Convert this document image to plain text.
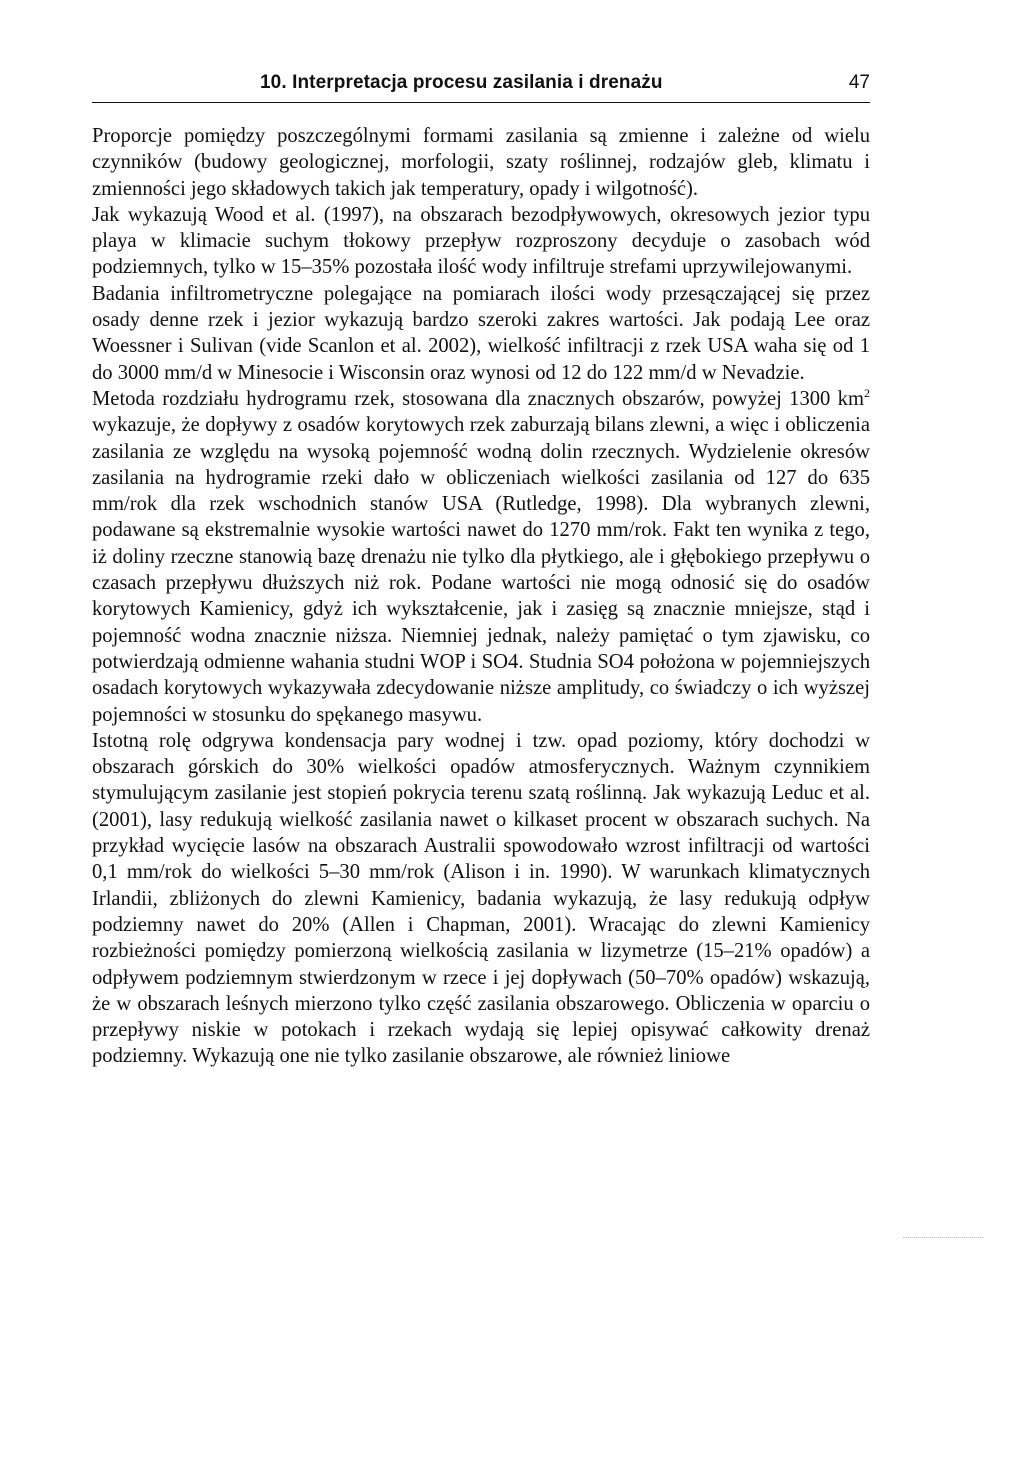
10. Interpretacja procesu zasilania i drenażu	47

Proporcje pomiędzy poszczególnymi formami zasilania są zmienne i zależne od wielu czynników (budowy geologicznej, morfologii, szaty roślinnej, rodzajów gleb, klimatu i zmienności jego składowych takich jak temperatury, opady i wilgotność).

Jak wykazują Wood et al. (1997), na obszarach bezodpływowych, okresowych jezior typu playa w klimacie suchym tłokowy przepływ rozproszony decyduje o zasobach wód podziemnych, tylko w 15–35% pozostała ilość wody infiltruje strefami uprzywilejowanymi.

Badania infiltrometryczne polegające na pomiarach ilości wody przesączającej się przez osady denne rzek i jezior wykazują bardzo szeroki zakres wartości. Jak podają Lee oraz Woessner i Sulivan (vide Scanlon et al. 2002), wielkość infiltracji z rzek USA waha się od 1 do 3000 mm/d w Minesocie i Wisconsin oraz wynosi od 12 do 122 mm/d w Nevadzie.

Metoda rozdziału hydrogramu rzek, stosowana dla znacznych obszarów, powyżej 1300 $km^2$ wykazuje, że dopływy z osadów korytowych rzek zaburzają bilans zlewni, a więc i obliczenia zasilania ze względu na wysoką pojemność wodną dolin rzecznych. Wydzielenie okresów zasilania na hydrogramie rzeki dało w obliczeniach wielkości zasilania od 127 do 635 mm/rok dla rzek wschodnich stanów USA (Rutledge, 1998). Dla wybranych zlewni, podawane są ekstremalnie wysokie wartości nawet do 1270 mm/rok. Fakt ten wynika z tego, iż doliny rzeczne stanowią bazę drenażu nie tylko dla płytkiego, ale i głębokiego przepływu o czasach przepływu dłuższych niż rok. Podane wartości nie mogą odnosić się do osadów korytowych Kamienicy, gdyż ich wykształcenie, jak i zasięg są znacznie mniejsze, stąd i pojemność wodna znacznie niższa. Niemniej jednak, należy pamiętać o tym zjawisku, co potwierdzają odmienne wahania studni WOP i SO4. Studnia SO4 położona w pojemniejszych osadach korytowych wykazywała zdecydowanie niższe amplitudy, co świadczy o ich wyższej pojemności w stosunku do spękanego masywu.

Istotną rolę odgrywa kondensacja pary wodnej i tzw. opad poziomy, który dochodzi w obszarach górskich do 30% wielkości opadów atmosferycznych. Ważnym czynnikiem stymulującym zasilanie jest stopień pokrycia terenu szatą roślinną. Jak wykazują Leduc et al. (2001), lasy redukują wielkość zasilania nawet o kilkaset procent w obszarach suchych. Na przykład wycięcie lasów na obszarach Australii spowodowało wzrost infiltracji od wartości 0,1 mm/rok do wielkości 5–30 mm/rok (Alison i in. 1990). W warunkach klimatycznych Irlandii, zbliżonych do zlewni Kamienicy, badania wykazują, że lasy redukują odpływ podziemny nawet do 20% (Allen i Chapman, 2001). Wracając do zlewni Kamienicy rozbieżności pomiędzy pomierzoną wielkością zasilania w lizymetrze (15–21% opadów) a odpływem podziemnym stwierdzonym w rzece i jej dopływach (50–70% opadów) wskazują, że w obszarach leśnych mierzono tylko część zasilania obszarowego. Obliczenia w oparciu o przepływy niskie w potokach i rzekach wydają się lepiej opisywać całkowity drenaż podziemny. Wykazują one nie tylko zasilanie obszarowe, ale również liniowe
